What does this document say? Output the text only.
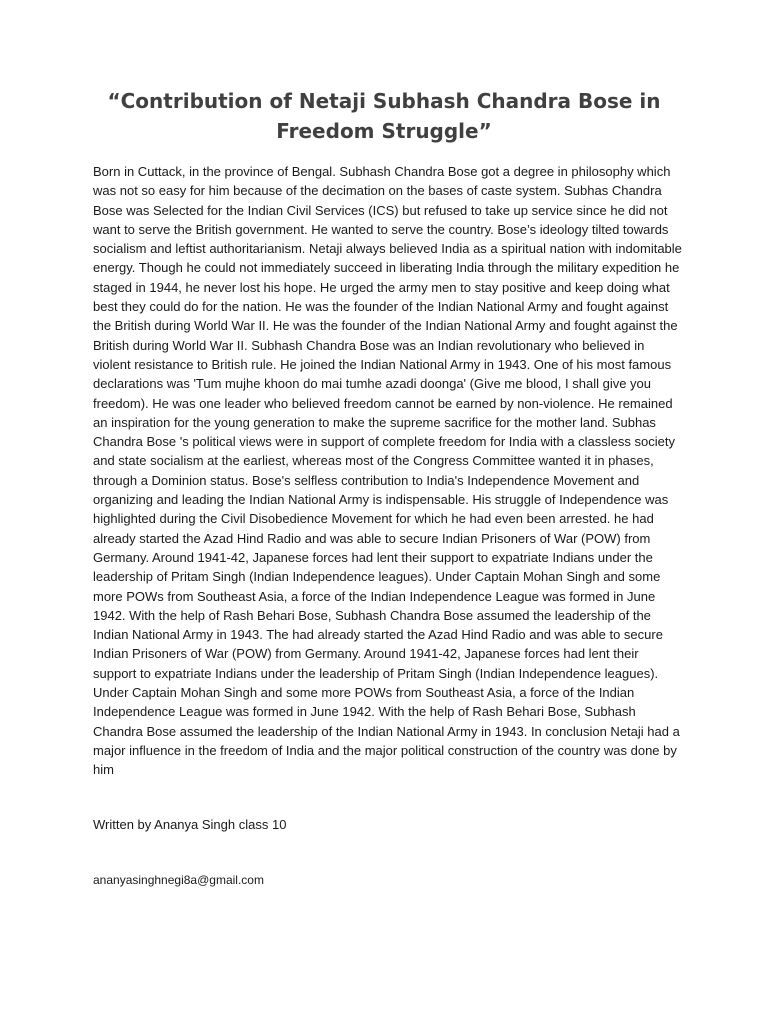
“Contribution of Netaji Subhash Chandra Bose in Freedom Struggle”

Born in Cuttack, in the province of Bengal. Subhash Chandra Bose got a degree in philosophy which was not so easy for him because of the decimation on the bases of caste system. Subhas Chandra Bose was Selected for the Indian Civil Services (ICS) but refused to take up service since he did not want to serve the British government. He wanted to serve the country. Bose’s ideology tilted towards socialism and leftist authoritarianism. Netaji always believed India as a spiritual nation with indomitable energy. Though he could not immediately succeed in liberating India through the military expedition he staged in 1944, he never lost his hope. He urged the army men to stay positive and keep doing what best they could do for the nation. He was the founder of the Indian National Army and fought against the British during World War II. He was the founder of the Indian National Army and fought against the British during World War II. Subhash Chandra Bose was an Indian revolutionary who believed in violent resistance to British rule. He joined the Indian National Army in 1943. One of his most famous declarations was 'Tum mujhe khoon do mai tumhe azadi doonga' (Give me blood, I shall give you freedom). He was one leader who believed freedom cannot be earned by non-violence. He remained an inspiration for the young generation to make the supreme sacrifice for the mother land. Subhas Chandra Bose 's political views were in support of complete freedom for India with a classless society and state socialism at the earliest, whereas most of the Congress Committee wanted it in phases, through a Dominion status. Bose's selfless contribution to India's Independence Movement and organizing and leading the Indian National Army is indispensable. His struggle of Independence was highlighted during the Civil Disobedience Movement for which he had even been arrested. he had already started the Azad Hind Radio and was able to secure Indian Prisoners of War (POW) from Germany. Around 1941-42, Japanese forces had lent their support to expatriate Indians under the leadership of Pritam Singh (Indian Independence leagues). Under Captain Mohan Singh and some more POWs from Southeast Asia, a force of the Indian Independence League was formed in June 1942. With the help of Rash Behari Bose, Subhash Chandra Bose assumed the leadership of the Indian National Army in 1943. The had already started the Azad Hind Radio and was able to secure Indian Prisoners of War (POW) from Germany. Around 1941-42, Japanese forces had lent their support to expatriate Indians under the leadership of Pritam Singh (Indian Independence leagues). Under Captain Mohan Singh and some more POWs from Southeast Asia, a force of the Indian Independence League was formed in June 1942. With the help of Rash Behari Bose, Subhash Chandra Bose assumed the leadership of the Indian National Army in 1943. In conclusion Netaji had a major influence in the freedom of India and the major political construction of the country was done by him

Written by Ananya Singh class 10

ananyasinghnegi8a@gmail.com
